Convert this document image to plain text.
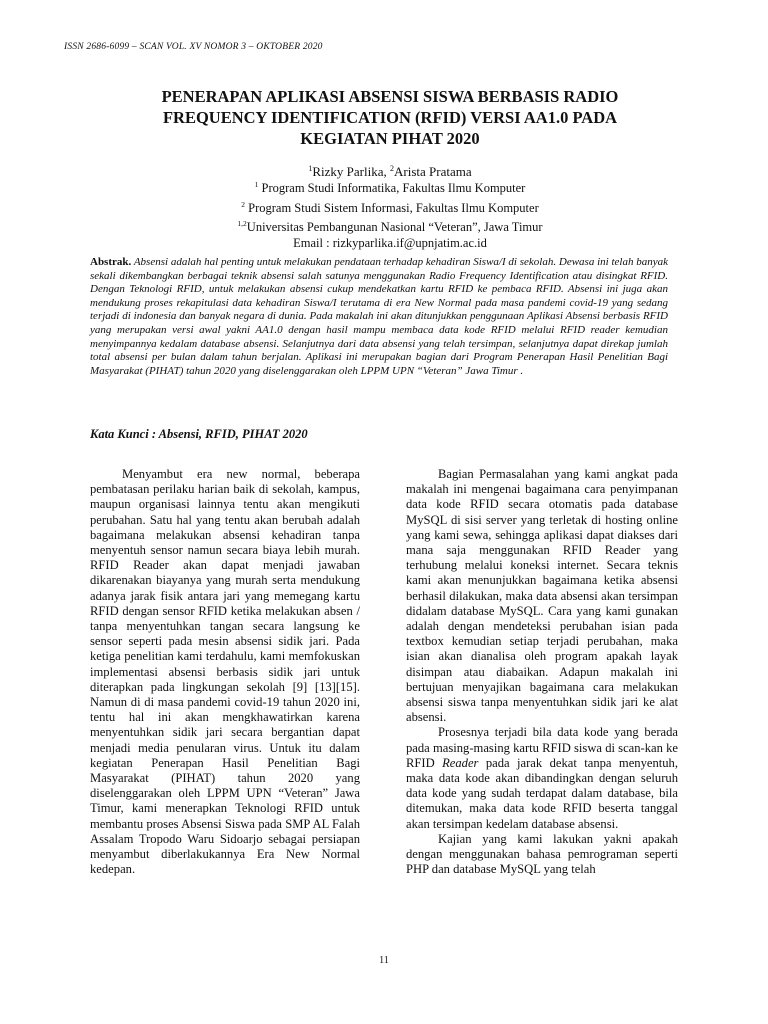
ISSN 2686-6099 – SCAN VOL. XV NOMOR 3 – OKTOBER 2020
PENERAPAN APLIKASI ABSENSI SISWA BERBASIS RADIO
FREQUENCY IDENTIFICATION (RFID) VERSI AA1.0 PADA
KEGIATAN PIHAT 2020
$^1$Rizky Parlika, $^2$Arista Pratama
$^1$ Program Studi Informatika, Fakultas Ilmu Komputer
$^2$ Program Studi Sistem Informasi, Fakultas Ilmu Komputer
$^{1,2}$Universitas Pembangunan Nasional “Veteran”, Jawa Timur
Email : rizkyparlika.if@upnjatim.ac.id
Abstrak. Absensi adalah hal penting untuk melakukan pendataan terhadap kehadiran Siswa/I di sekolah. Dewasa ini telah banyak sekali dikembangkan berbagai teknik absensi salah satunya menggunakan Radio Frequency Identification atau disingkat RFID. Dengan Teknologi RFID, untuk melakukan absensi cukup mendekatkan kartu RFID ke pembaca RFID. Absensi ini juga akan mendukung proses rekapitulasi data kehadiran Siswa/I terutama di era New Normal pada masa pandemi covid-19 yang sedang terjadi di indonesia dan banyak negara di dunia. Pada makalah ini akan ditunjukkan penggunaan Aplikasi Absensi berbasis RFID yang merupakan versi awal yakni AA1.0 dengan hasil mampu membaca data kode RFID melalui RFID reader kemudian menyimpannya kedalam database absensi. Selanjutnya dari data absensi yang telah tersimpan, selanjutnya dapat direkap jumlah total absensi per bulan dalam tahun berjalan. Aplikasi ini merupakan bagian dari Program Penerapan Hasil Penelitian Bagi Masyarakat (PIHAT) tahun 2020 yang diselenggarakan oleh LPPM UPN “Veteran” Jawa Timur .
Kata Kunci : Absensi, RFID, PIHAT 2020

Menyambut era new normal, beberapa pembatasan perilaku harian baik di sekolah, kampus, maupun organisasi lainnya tentu akan mengikuti perubahan. Satu hal yang tentu akan berubah adalah bagaimana melakukan absensi kehadiran tanpa menyentuh sensor namun secara biaya lebih murah. RFID Reader akan dapat menjadi jawaban dikarenakan biayanya yang murah serta mendukung adanya jarak fisik antara jari yang memegang kartu RFID dengan sensor RFID ketika melakukan absen / tanpa menyentuhkan tangan secara langsung ke sensor seperti pada mesin absensi sidik jari. Pada ketiga penelitian kami terdahulu, kami memfokuskan implementasi absensi berbasis sidik jari untuk diterapkan pada lingkungan sekolah [9] [13][15]. Namun di di masa pandemi covid-19 tahun 2020 ini, tentu hal ini akan mengkhawatirkan karena menyentuhkan sidik jari secara bergantian dapat menjadi media penularan virus. Untuk itu dalam kegiatan Penerapan Hasil Penelitian Bagi Masyarakat (PIHAT) tahun 2020 yang diselenggarakan oleh LPPM UPN “Veteran” Jawa Timur, kami menerapkan Teknologi RFID untuk membantu proses Absensi Siswa pada SMP AL Falah Assalam Tropodo Waru Sidoarjo sebagai persiapan menyambut diberlakukannya Era New Normal kedepan.

Bagian Permasalahan yang kami angkat pada makalah ini mengenai bagaimana cara penyimpanan data kode RFID secara otomatis pada database MySQL di sisi server yang terletak di hosting online yang kami sewa, sehingga aplikasi dapat diakses dari mana saja menggunakan RFID Reader yang terhubung melalui koneksi internet. Secara teknis kami akan menunjukkan bagaimana ketika absensi berhasil dilakukan, maka data absensi akan tersimpan didalam database MySQL. Cara yang kami gunakan adalah dengan mendeteksi perubahan isian pada textbox kemudian setiap terjadi perubahan, maka isian akan dianalisa oleh program apakah layak disimpan atau diabaikan. Adapun makalah ini bertujuan menyajikan bagaimana cara melakukan absensi siswa tanpa menyentuhkan sidik jari ke alat absensi.

Prosesnya terjadi bila data kode yang berada pada masing-masing kartu RFID siswa di scan-kan ke RFID Reader pada jarak dekat tanpa menyentuh, maka data kode akan dibandingkan dengan seluruh data kode yang sudah terdapat dalam database, bila ditemukan, maka data kode RFID beserta tanggal akan tersimpan kedelam database absensi.

Kajian yang kami lakukan yakni apakah dengan menggunakan bahasa pemrograman seperti PHP dan database MySQL yang telah

11
